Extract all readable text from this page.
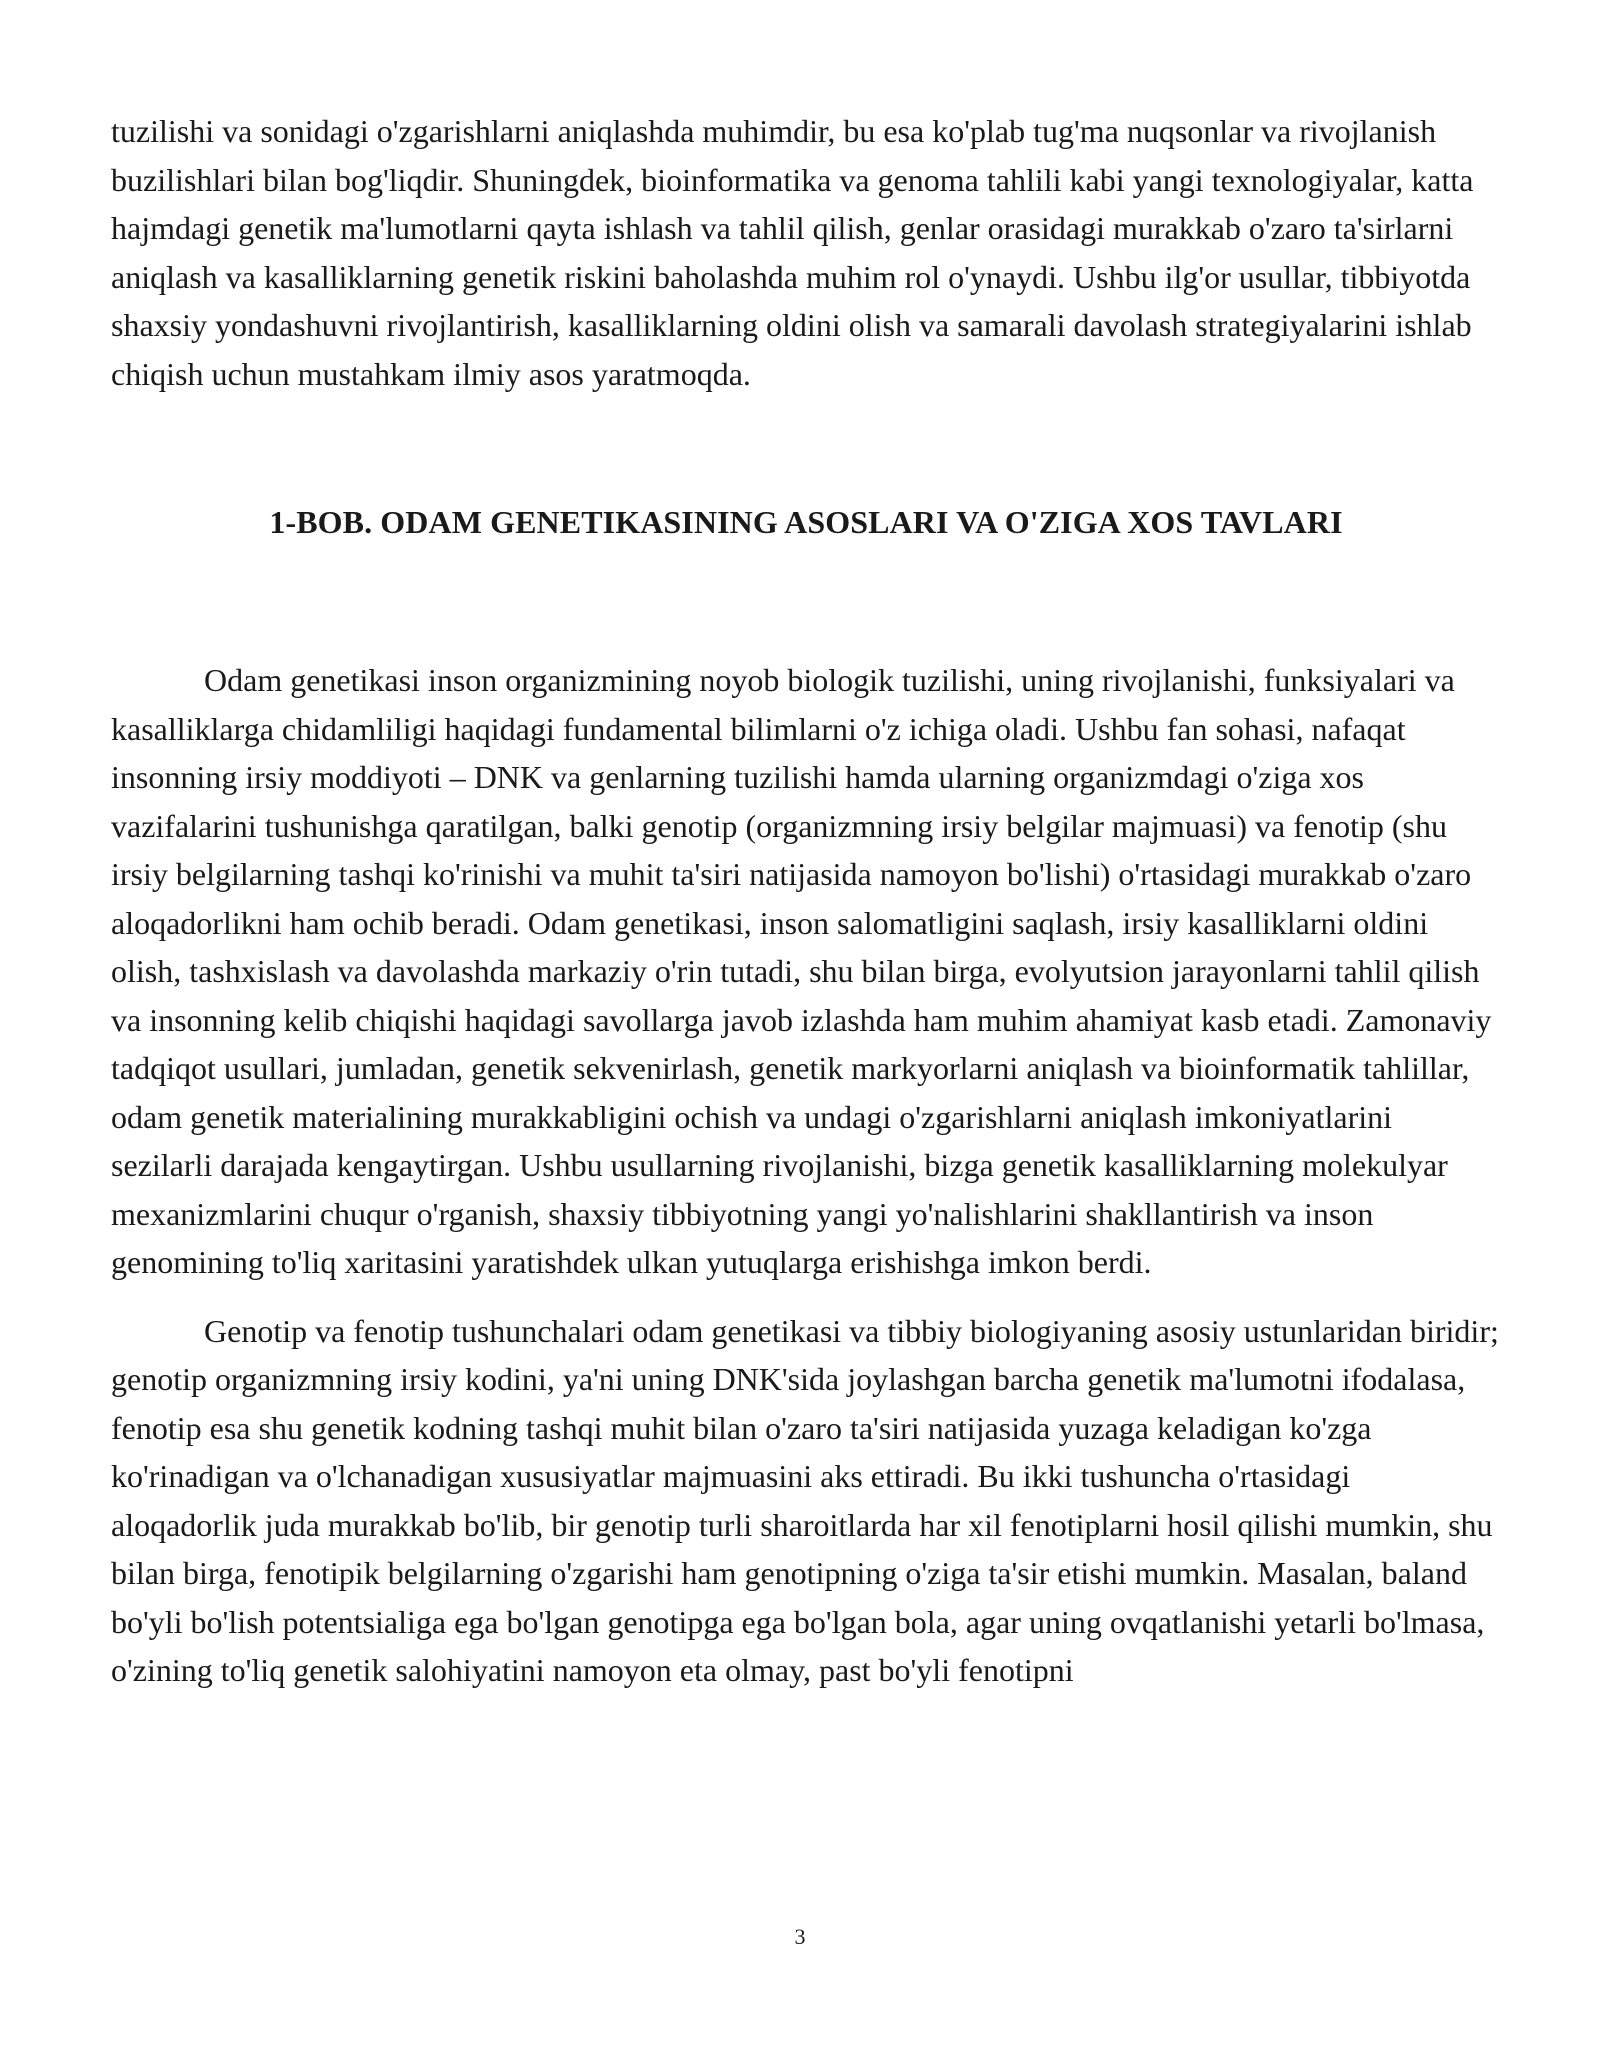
tuzilishi va sonidagi o'zgarishlarni aniqlashda muhimdir, bu esa ko'plab tug'ma nuqsonlar va rivojlanish buzilishlari bilan bog'liqdir. Shuningdek, bioinformatika va genoma tahlili kabi yangi texnologiyalar, katta hajmdagi genetik ma'lumotlarni qayta ishlash va tahlil qilish, genlar orasidagi murakkab o'zaro ta'sirlarni aniqlash va kasalliklarning genetik riskini baholashda muhim rol o'ynaydi. Ushbu ilg'or usullar, tibbiyotda shaxsiy yondashuvni rivojlantirish, kasalliklarning oldini olish va samarali davolash strategiyalarini ishlab chiqish uchun mustahkam ilmiy asos yaratmoqda.

1-BOB. ODAM GENETIKASINING ASOSLARI VA O'ZIGA XOS TAVLARI

Odam genetikasi inson organizmining noyob biologik tuzilishi, uning rivojlanishi, funksiyalari va kasalliklarga chidamliligi haqidagi fundamental bilimlarni o'z ichiga oladi. Ushbu fan sohasi, nafaqat insonning irsiy moddiyoti – DNK va genlarning tuzilishi hamda ularning organizmdagi o'ziga xos vazifalarini tushunishga qaratilgan, balki genotip (organizmning irsiy belgilar majmuasi) va fenotip (shu irsiy belgilarning tashqi ko'rinishi va muhit ta'siri natijasida namoyon bo'lishi) o'rtasidagi murakkab o'zaro aloqadorlikni ham ochib beradi. Odam genetikasi, inson salomatligini saqlash, irsiy kasalliklarni oldini olish, tashxislash va davolashda markaziy o'rin tutadi, shu bilan birga, evolyutsion jarayonlarni tahlil qilish va insonning kelib chiqishi haqidagi savollarga javob izlashda ham muhim ahamiyat kasb etadi. Zamonaviy tadqiqot usullari, jumladan, genetik sekvenirlash, genetik markyorlarni aniqlash va bioinformatik tahlillar, odam genetik materialining murakkabligini ochish va undagi o'zgarishlarni aniqlash imkoniyatlarini sezilarli darajada kengaytirgan. Ushbu usullarning rivojlanishi, bizga genetik kasalliklarning molekulyar mexanizmlarini chuqur o'rganish, shaxsiy tibbiyotning yangi yo'nalishlarini shakllantirish va inson genomining to'liq xaritasini yaratishdek ulkan yutuqlarga erishishga imkon berdi.

Genotip va fenotip tushunchalari odam genetikasi va tibbiy biologiyaning asosiy ustunlaridan biridir; genotip organizmning irsiy kodini, ya'ni uning DNK'sida joylashgan barcha genetik ma'lumotni ifodalasa, fenotip esa shu genetik kodning tashqi muhit bilan o'zaro ta'siri natijasida yuzaga keladigan ko'zga ko'rinadigan va o'lchanadigan xususiyatlar majmuasini aks ettiradi. Bu ikki tushuncha o'rtasidagi aloqadorlik juda murakkab bo'lib, bir genotip turli sharoitlarda har xil fenotiplarni hosil qilishi mumkin, shu bilan birga, fenotipik belgilarning o'zgarishi ham genotipning o'ziga ta'sir etishi mumkin. Masalan, baland bo'yli bo'lish potentsialiga ega bo'lgan genotipga ega bo'lgan bola, agar uning ovqatlanishi yetarli bo'lmasa, o'zining to'liq genetik salohiyatini namoyon eta olmay, past bo'yli fenotipni

3
